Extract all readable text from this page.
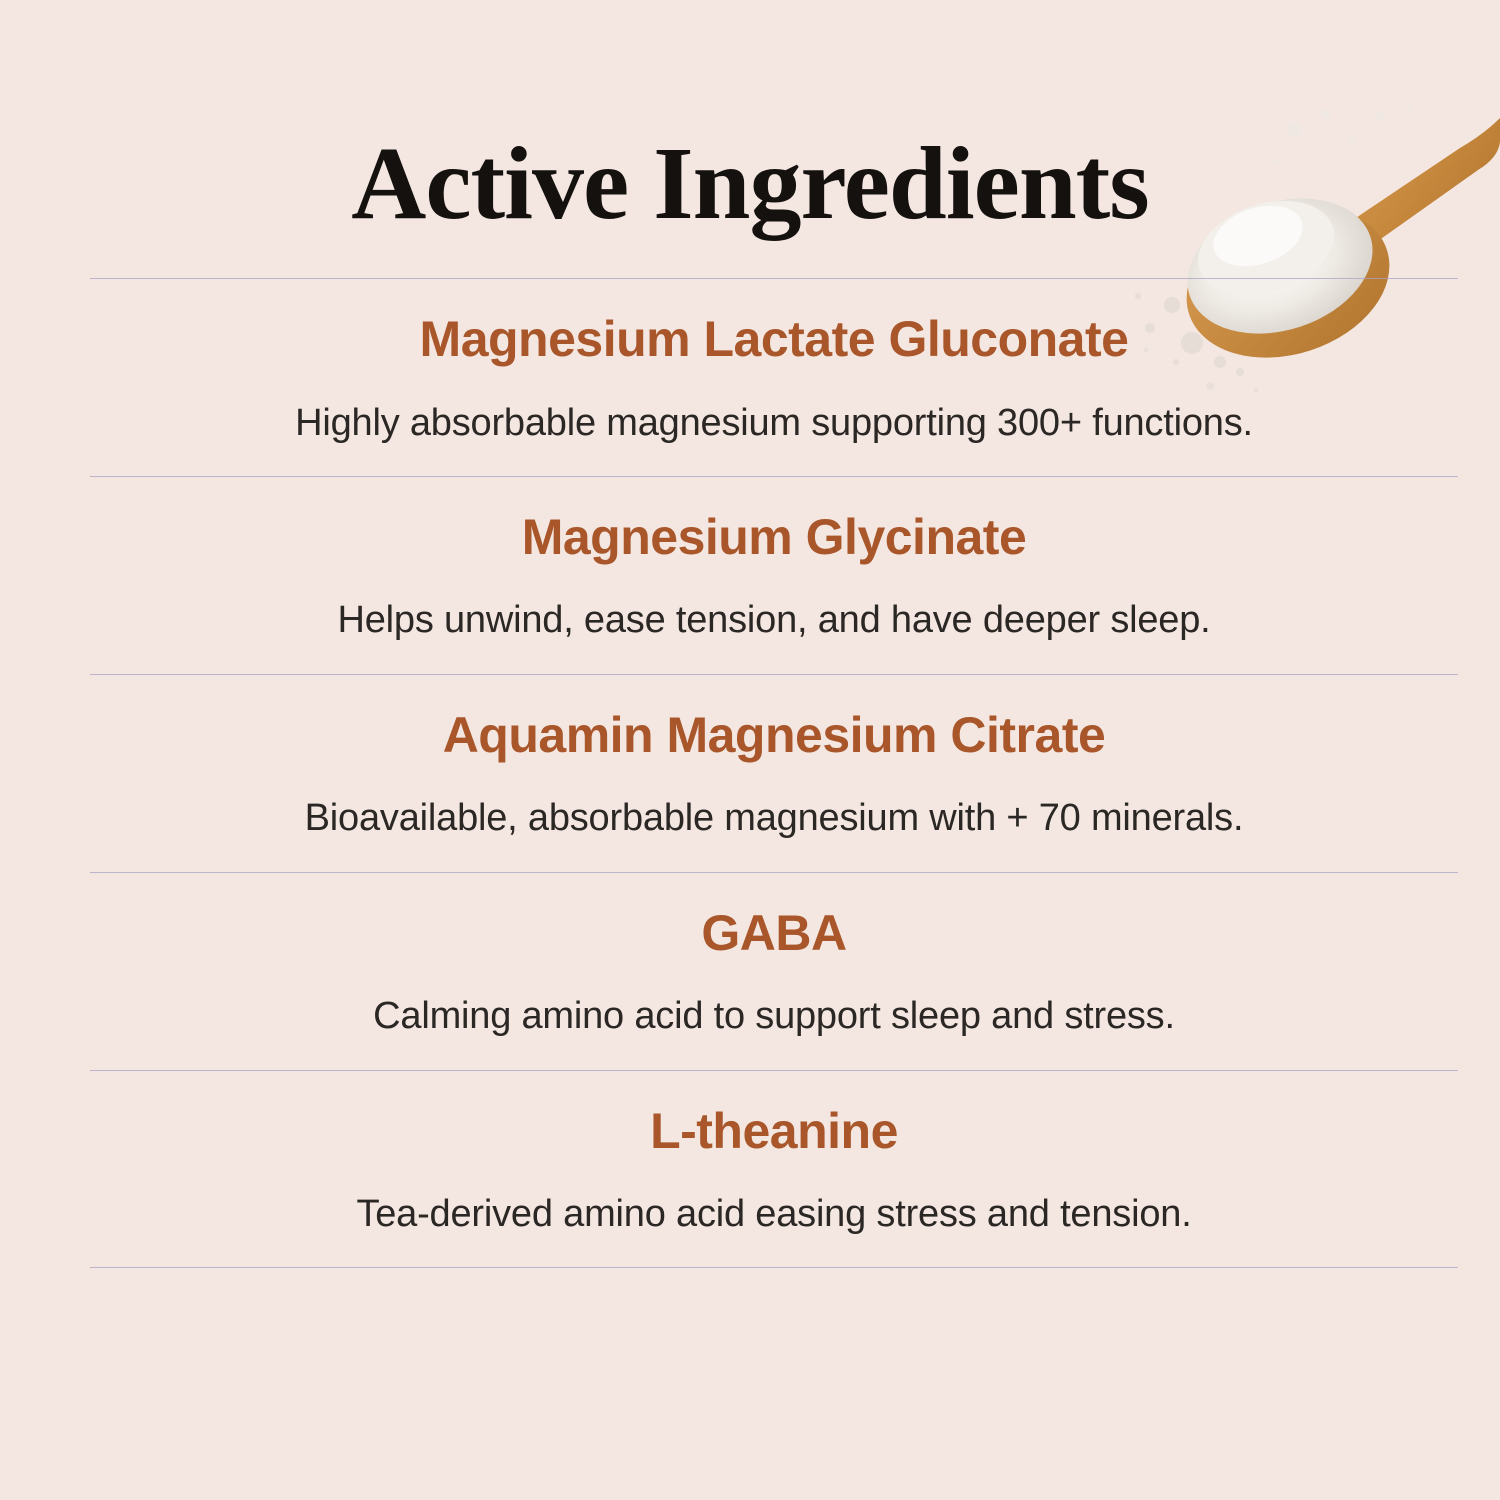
Active Ingredients
Magnesium Lactate Gluconate
Highly absorbable magnesium supporting 300+ functions.
Magnesium Glycinate
Helps unwind, ease tension, and have deeper sleep.
Aquamin Magnesium Citrate
Bioavailable, absorbable magnesium with + 70 minerals.
GABA
Calming amino acid to support sleep and stress.
L-theanine
Tea-derived amino acid easing stress and tension.
